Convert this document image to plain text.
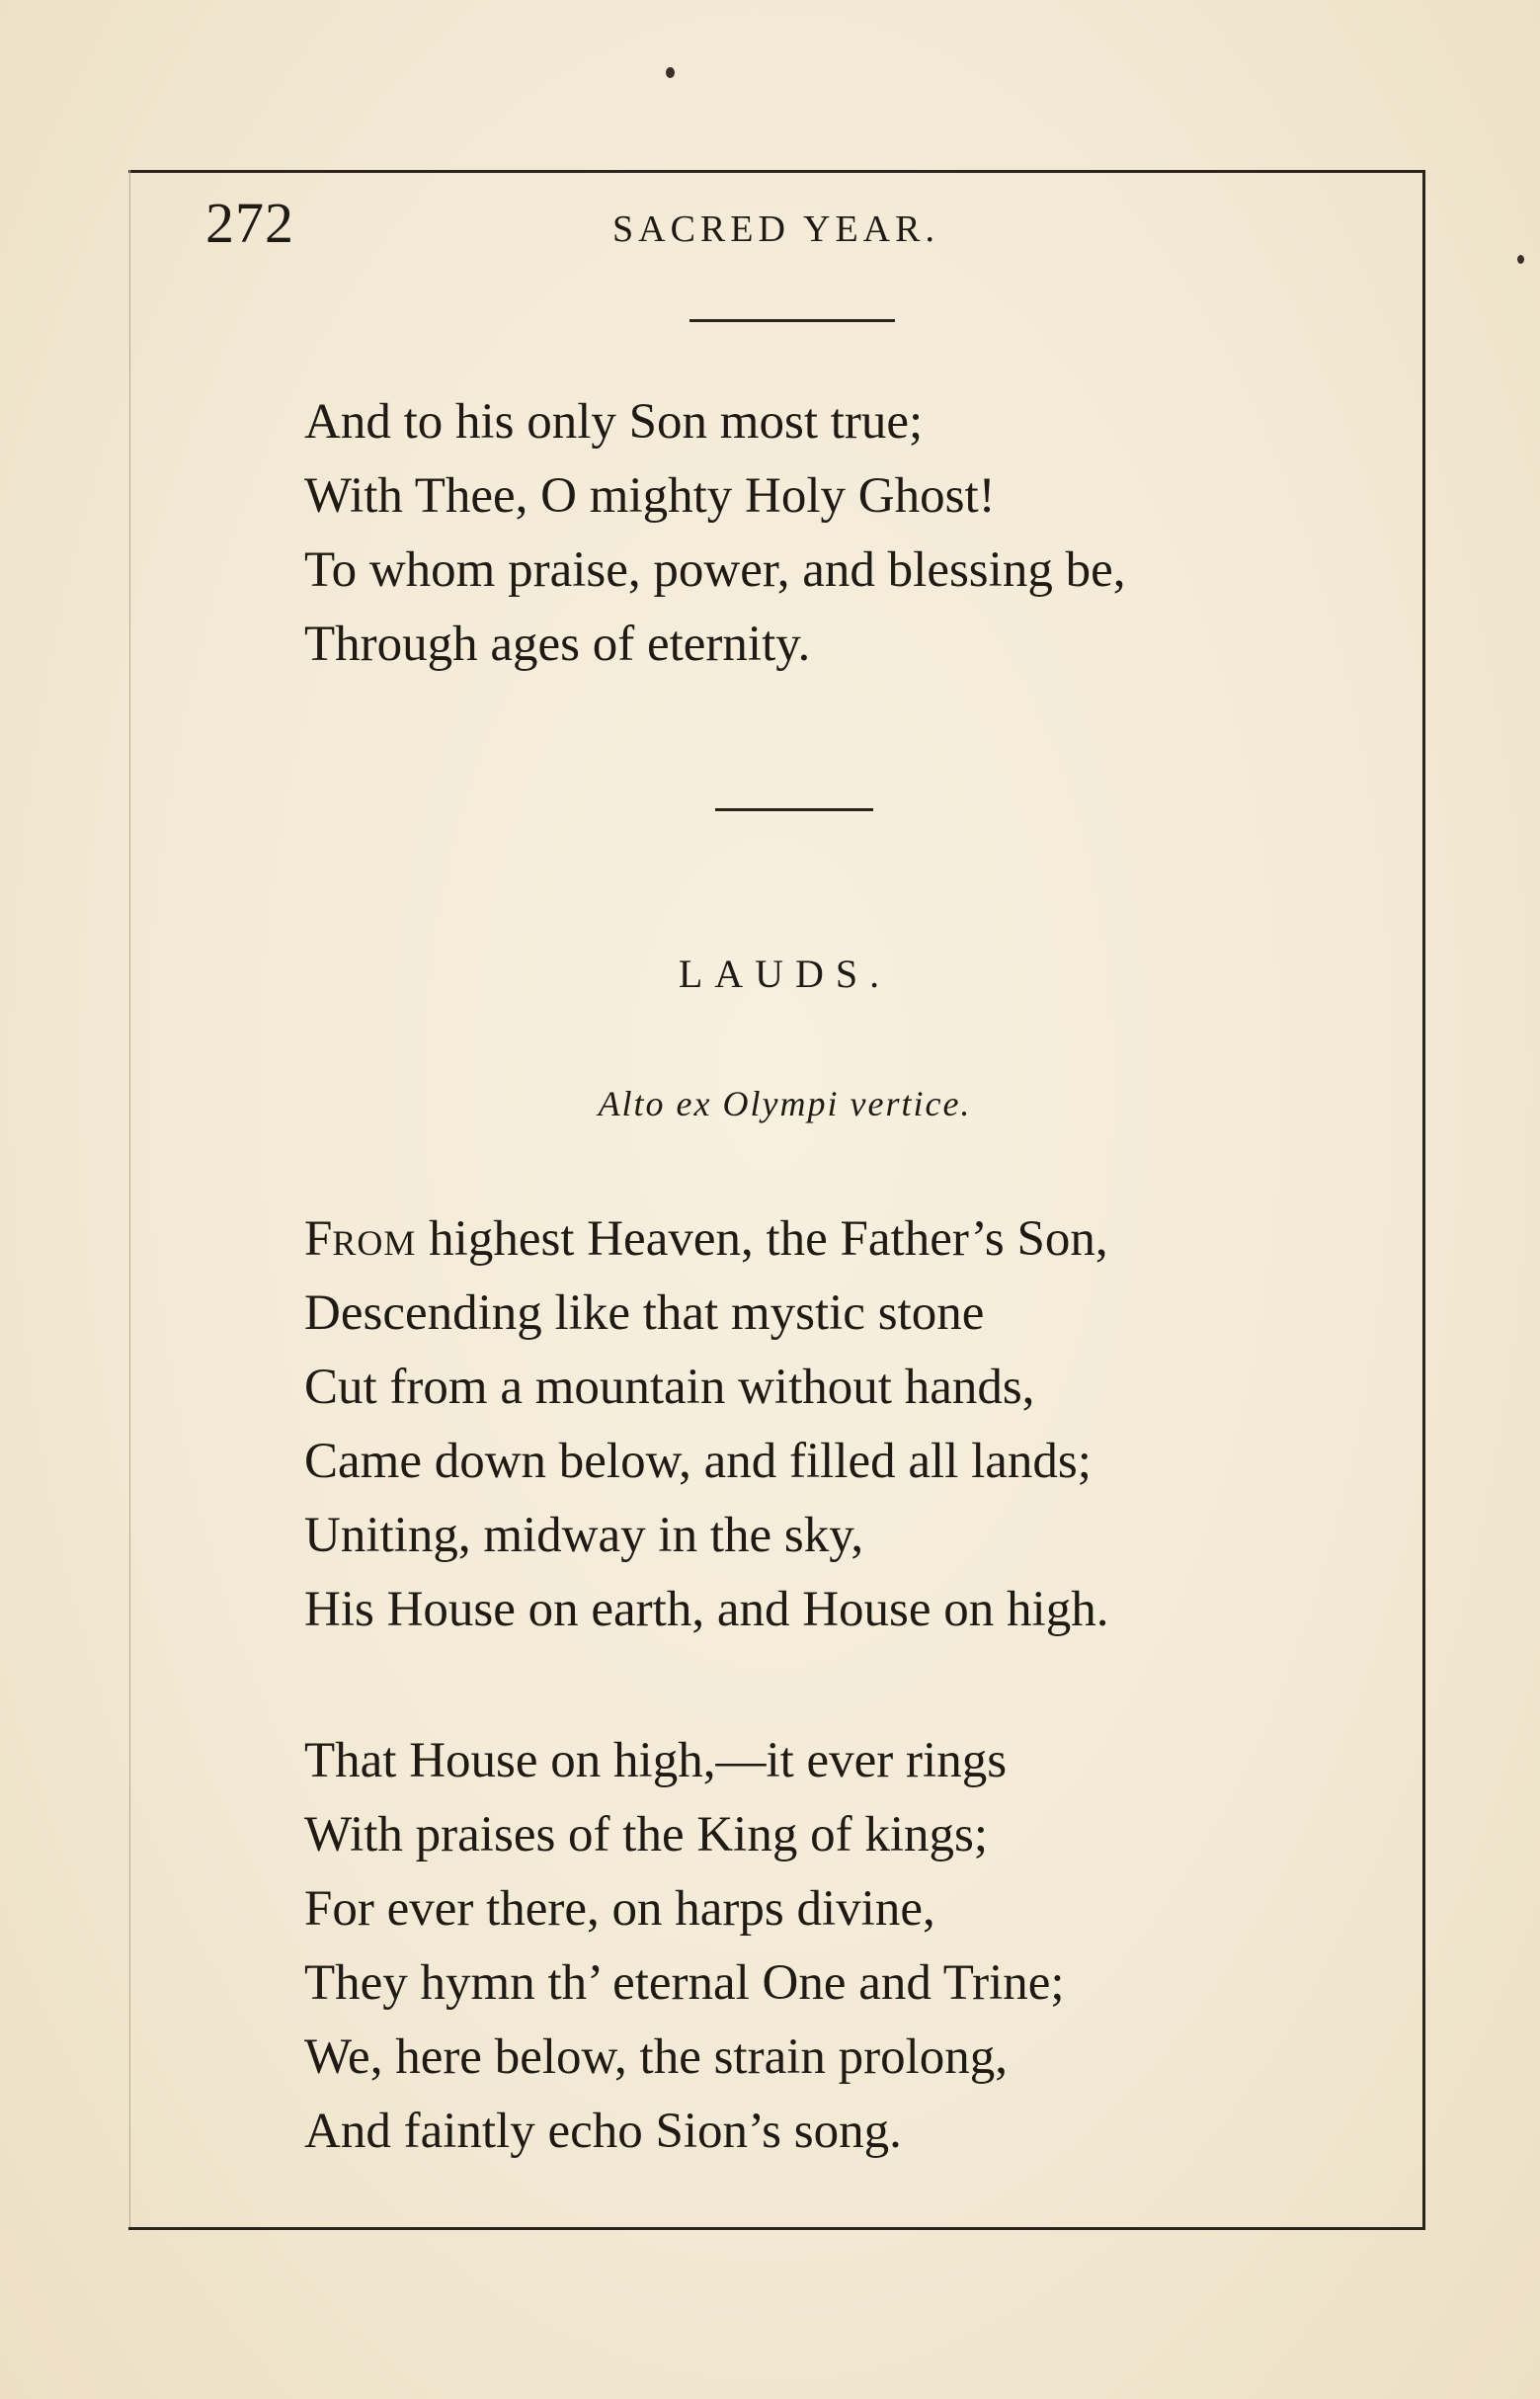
272	SACRED YEAR.
And to his only Son most true;
With Thee, O mighty Holy Ghost!
To whom praise, power, and blessing be,
Through ages of eternity.
LAUDS.
Alto ex Olympi vertice.
From highest Heaven, the Father’s Son,
Descending like that mystic stone
Cut from a mountain without hands,
Came down below, and filled all lands;
Uniting, midway in the sky,
His House on earth, and House on high.
That House on high,—it ever rings
With praises of the King of kings;
For ever there, on harps divine,
They hymn th’ eternal One and Trine;
We, here below, the strain prolong,
And faintly echo Sion’s song.
